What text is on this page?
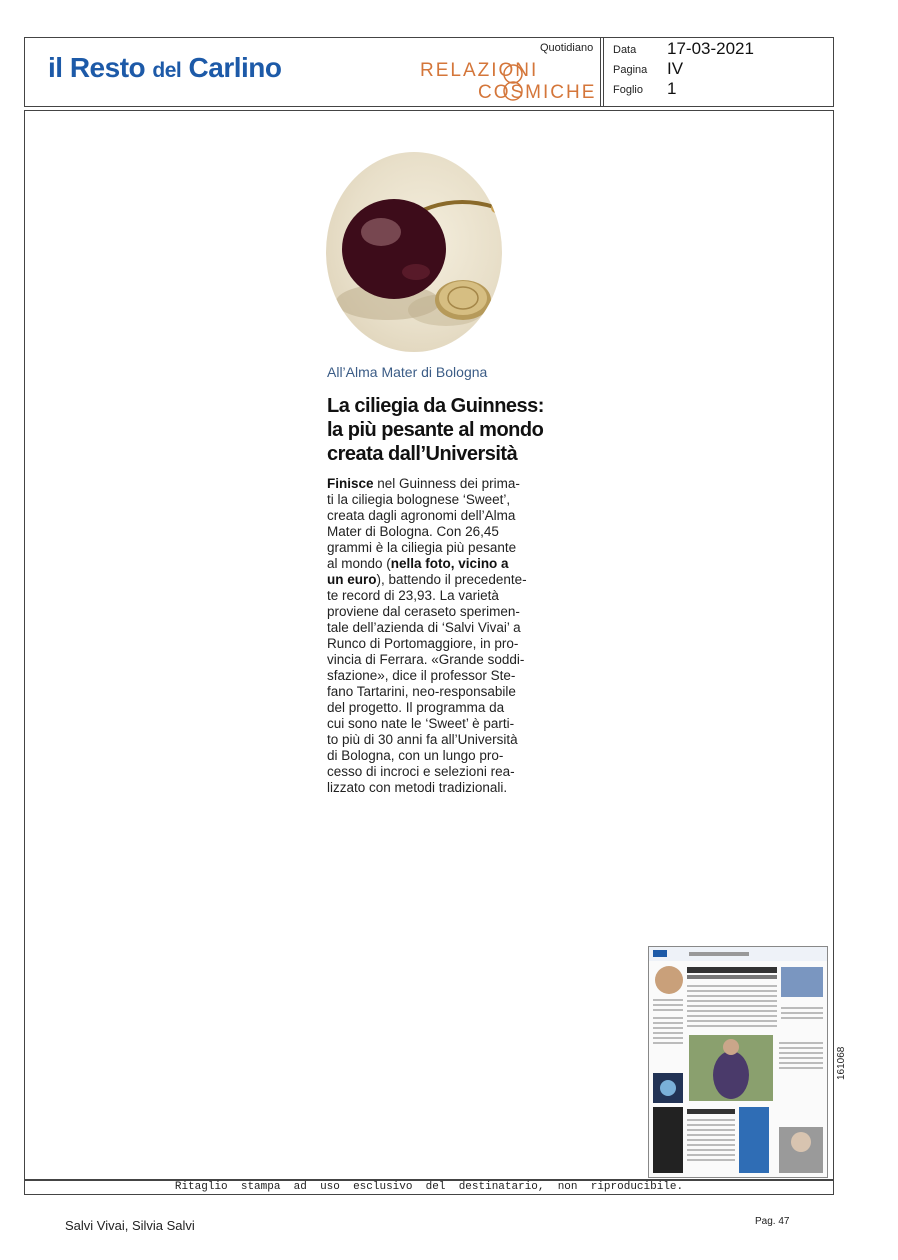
il Resto del Carlino
Quotidiano
RELAZIONI
COSMICHE
Data 17-03-2021
Pagina IV
Foglio 1
All’Alma Mater di Bologna
La ciliegia da Guinness:
la più pesante al mondo
creata dall’Università
Finisce nel Guinness dei prima-
ti la ciliegia bolognese ‘Sweet’,
creata dagli agronomi dell’Alma
Mater di Bologna. Con 26,45
grammi è la ciliegia più pesante
al mondo (nella foto, vicino a
un euro), battendo il precedente-
te record di 23,93. La varietà
proviene dal ceraseto sperimen-
tale dell’azienda di ‘Salvi Vivai’ a
Runco di Portomaggiore, in pro-
vincia di Ferrara. «Grande soddi-
sfazione», dice il professor Ste-
fano Tartarini, neo-responsabile
del progetto. Il programma da
cui sono nate le ‘Sweet’ è parti-
to più di 30 anni fa all’Università
di Bologna, con un lungo pro-
cesso di incroci e selezioni rea-
lizzato con metodi tradizionali.
161068
Ritaglio  stampa  ad  uso  esclusivo  del  destinatario,  non  riproducibile.
Salvi Vivai, Silvia Salvi	Pag. 47
